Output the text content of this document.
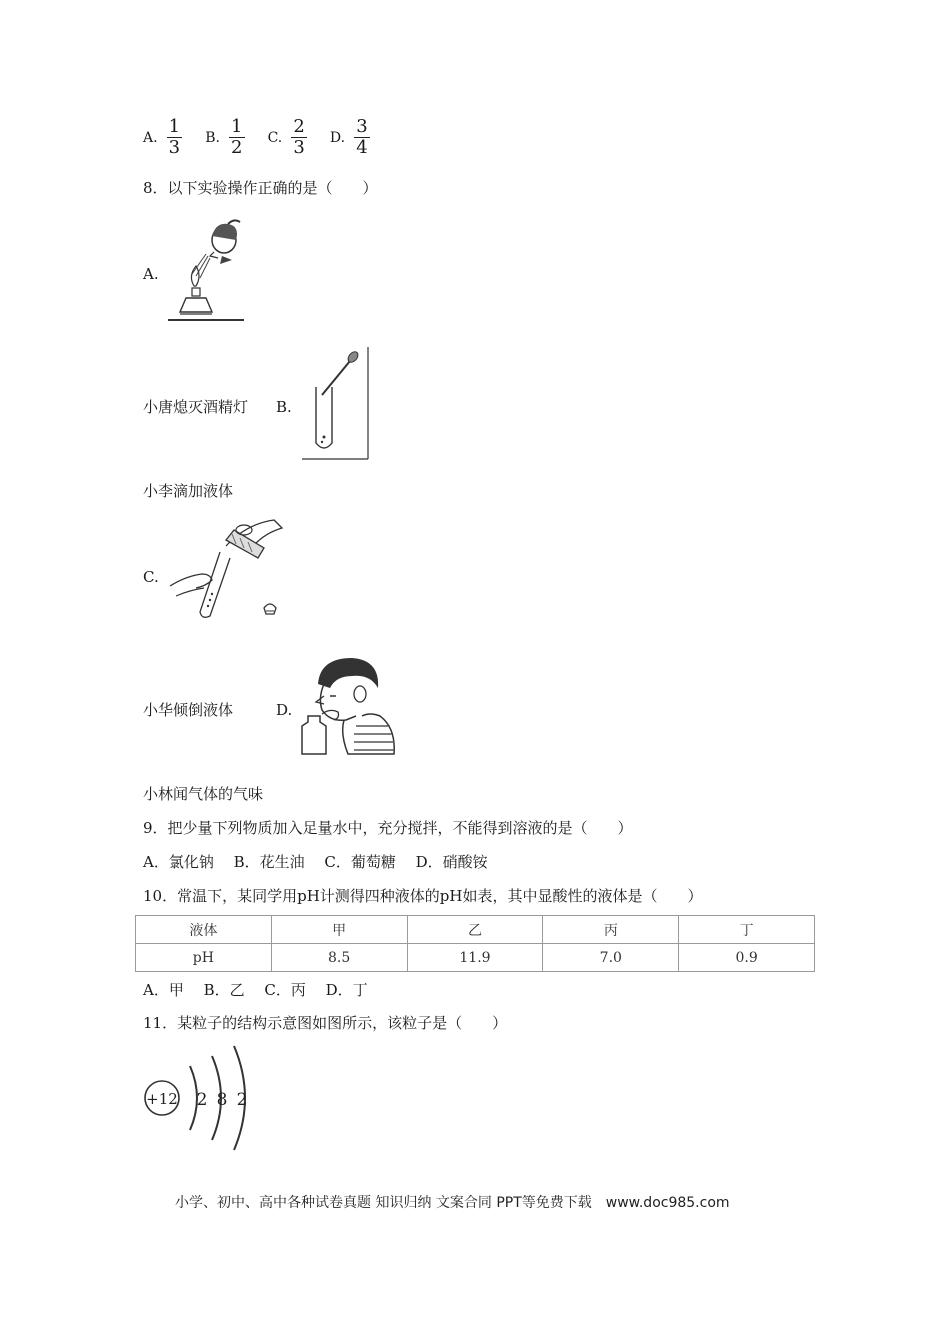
A. $\frac{1}{3} B$. $\frac{1}{2} C$. $\frac{2}{3} D$. $\frac{3}{4}$
8．以下实验操作正确的是（　　）
A.
小唐熄灭酒精灯 B.
小李滴加液体
C.
小华倾倒液体	D.
小林闻气体的气味
9．把少量下列物质加入足量水中，充分搅拌，不能得到溶液的是（　　）
A．氯化钠　 B．花生油　 C．葡萄糖　 D．硝酸铵
10．常温下，某同学用pH计测得四种液体的pH如表，其中显酸性的液体是（　　）
液体	甲	乙	丙	丁
pH	8.5	11.9	7.0	0.9
A．甲　 B．乙　 C．丙　 D．丁
11．某粒子的结构示意图如图所示，该粒子是（　　）
+12 2 8 2
小学、初中、高中各种试卷真题 知识归纳 文案合同 PPT等免费下载　www.doc985.com
